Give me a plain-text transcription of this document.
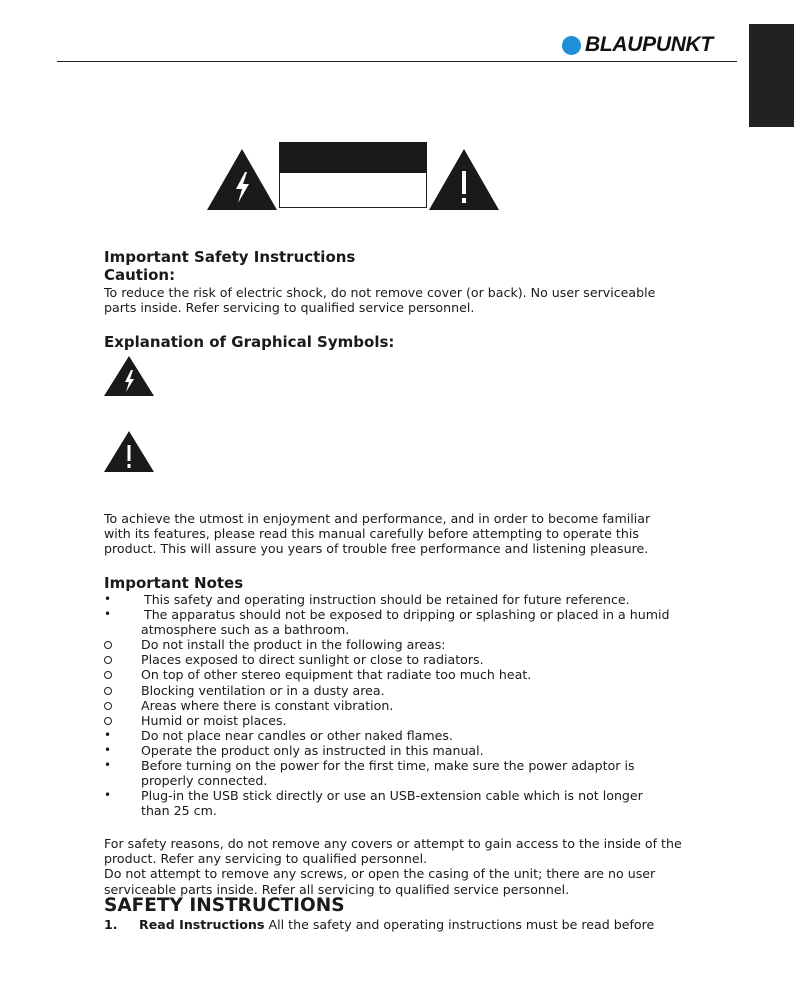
BLAUPUNKT
Important Safety Instructions
Caution:
To reduce the risk of electric shock, do not remove cover (or back). No user serviceable
parts inside. Refer servicing to qualified service personnel.
Explanation of Graphical Symbols:
To achieve the utmost in enjoyment and performance, and in order to become familiar
with its features, please read this manual carefully before attempting to operate this
product. This will assure you years of trouble free performance and listening pleasure.
Important Notes
•	This safety and operating instruction should be retained for future reference.
•	The apparatus should not be exposed to dripping or splashing or placed in a humid
atmosphere such as a bathroom.
Do not install the product in the following areas:
Places exposed to direct sunlight or close to radiators.
On top of other stereo equipment that radiate too much heat.
Blocking ventilation or in a dusty area.
Areas where there is constant vibration.
Humid or moist places.
•	Do not place near candles or other naked flames.
•	Operate the product only as instructed in this manual.
•	Before turning on the power for the first time, make sure the power adaptor is
properly connected.
•	Plug-in the USB stick directly or use an USB-extension cable which is not longer
than 25 cm.
For safety reasons, do not remove any covers or attempt to gain access to the inside of the
product. Refer any servicing to qualified personnel.
Do not attempt to remove any screws, or open the casing of the unit; there are no user
serviceable parts inside. Refer all servicing to qualified service personnel.
SAFETY INSTRUCTIONS
1. Read Instructions
- All the safety and operating instructions must be read before
